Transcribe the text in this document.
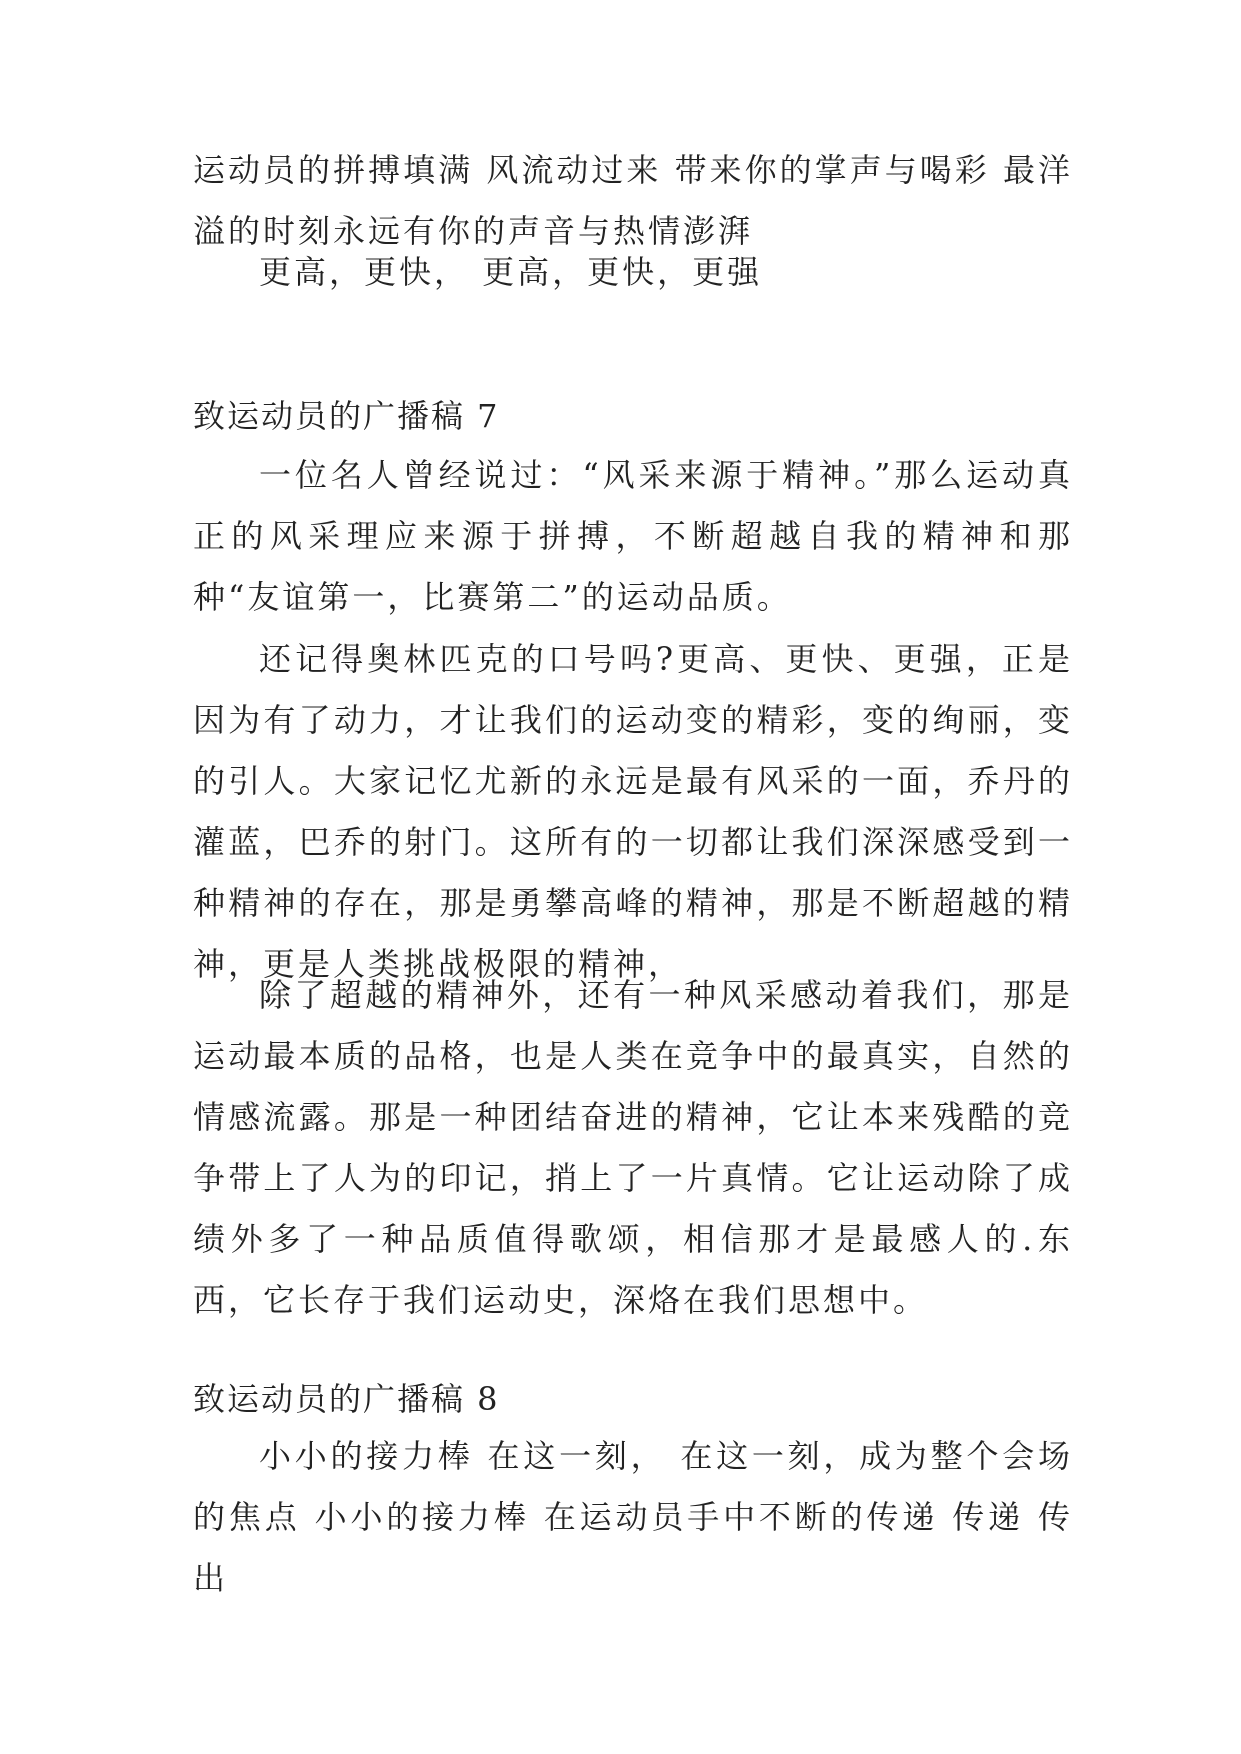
运动员的拼搏填满 风流动过来 带来你的掌声与喝彩 最洋溢的时刻永远有你的声音与热情澎湃

更高，更快， 更高，更快，更强

致运动员的广播稿 7

一位名人曾经说过：“风采来源于精神。”那么运动真正的风采理应来源于拼搏，不断超越自我的精神和那种“友谊第一，比赛第二”的运动品质。

还记得奥林匹克的口号吗?更高、更快、更强，正是因为有了动力，才让我们的运动变的精彩，变的绚丽，变的引人。大家记忆尤新的永远是最有风采的一面，乔丹的灌蓝，巴乔的射门。这所有的一切都让我们深深感受到一种精神的存在，那是勇攀高峰的精神，那是不断超越的精神，更是人类挑战极限的精神，

除了超越的精神外，还有一种风采感动着我们，那是运动最本质的品格，也是人类在竞争中的最真实，自然的情感流露。那是一种团结奋进的精神，它让本来残酷的竞争带上了人为的印记，捎上了一片真情。它让运动除了成绩外多了一种品质值得歌颂，相信那才是最感人的.东西，它长存于我们运动史，深烙在我们思想中。

致运动员的广播稿 8

小小的接力棒 在这一刻， 在这一刻，成为整个会场的焦点 小小的接力棒 在运动员手中不断的传递 传递 传出
